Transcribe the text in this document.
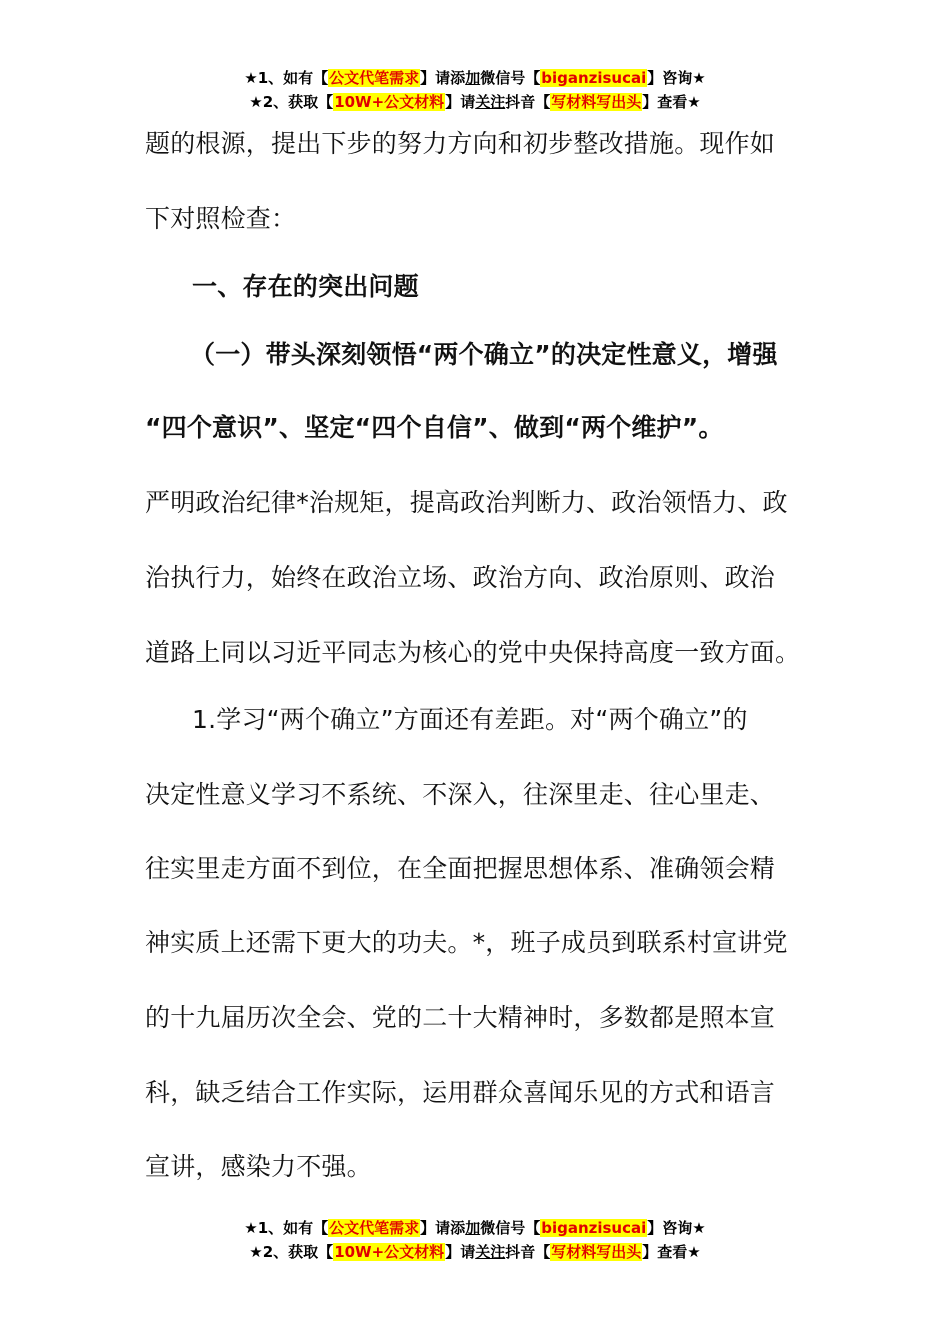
★1、如有【公文代笔需求】请添加微信号【biganzisucai】咨询★
★2、获取【10W+公文材料】请关注抖音【写材料写出头】查看★
题的根源，提出下步的努力方向和初步整改措施。现作如
下对照检查：
一、存在的突出问题
（一）带头深刻领悟“两个确立”的决定性意义，增强
“四个意识”、坚定“四个自信”、做到“两个维护”。
严明政治纪律*治规矩，提高政治判断力、政治领悟力、政
治执行力，始终在政治立场、政治方向、政治原则、政治
道路上同以习近平同志为核心的党中央保持高度一致方面。
1.学习“两个确立”方面还有差距。对“两个确立”的
决定性意义学习不系统、不深入，往深里走、往心里走、
往实里走方面不到位，在全面把握思想体系、准确领会精
神实质上还需下更大的功夫。*，班子成员到联系村宣讲党
的十九届历次全会、党的二十大精神时，多数都是照本宣
科，缺乏结合工作实际，运用群众喜闻乐见的方式和语言
宣讲，感染力不强。
★1、如有【公文代笔需求】请添加微信号【biganzisucai】咨询★
★2、获取【10W+公文材料】请关注抖音【写材料写出头】查看★
